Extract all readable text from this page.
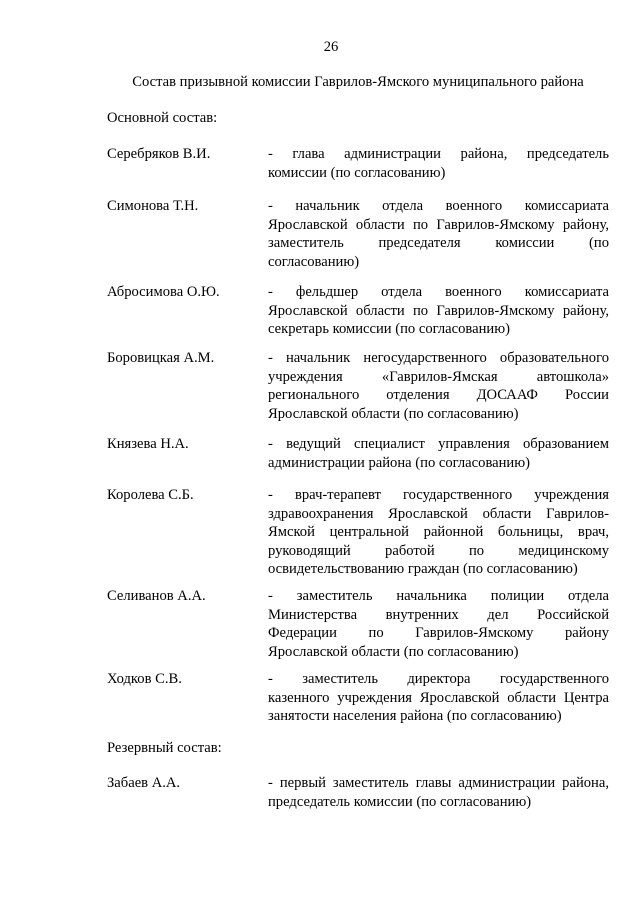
26
Состав призывной комиссии Гаврилов-Ямского муниципального района
Основной состав:
Серебряков В.И.	- глава администрации района, председатель
комиссии (по согласованию)
Симонова Т.Н.	- начальник отдела военного комиссариата
Ярославской области по Гаврилов-Ямскому району,
заместитель председателя комиссии (по
согласованию)
Абросимова О.Ю.	- фельдшер отдела военного комиссариата
Ярославской области по Гаврилов-Ямскому району,
секретарь комиссии (по согласованию)
Боровицкая А.М.	- начальник негосударственного образовательного
учреждения «Гаврилов-Ямская автошкола»
регионального отделения ДОСААФ России
Ярославской области (по согласованию)
Князева Н.А.	- ведущий специалист управления образованием
администрации района (по согласованию)
Королева С.Б.	- врач-терапевт государственного учреждения
здравоохранения Ярославской области Гаврилов-
Ямской центральной районной больницы, врач,
руководящий работой по медицинскому
освидетельствованию граждан (по согласованию)
Селиванов А.А.	- заместитель начальника полиции отдела
Министерства внутренних дел Российской
Федерации по Гаврилов-Ямскому району
Ярославской области (по согласованию)
Ходков С.В.	- заместитель директора государственного
казенного учреждения Ярославской области Центра
занятости населения района (по согласованию)
Резервный состав:
Забаев А.А.	- первый заместитель главы администрации района,
председатель комиссии (по согласованию)
